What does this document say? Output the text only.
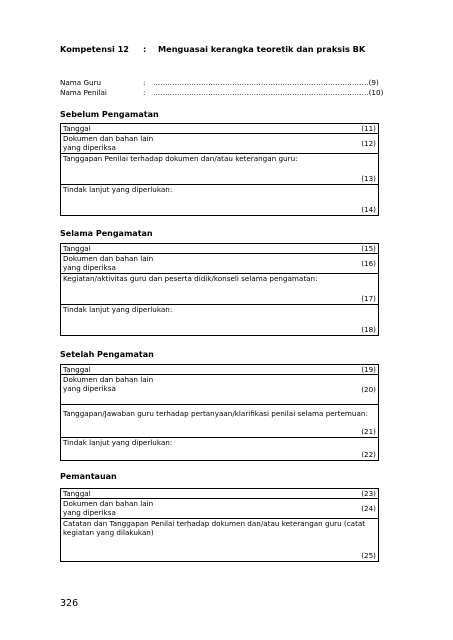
Kompetensi 12 : Menguasai kerangka teoretik dan praksis BK
Nama Guru	: ………………………………………………………………………………(9)
Nama Penilai	: ………………………………………………………………………………(10)
Sebelum Pengamatan
Tanggal	(11)

Dokumen dan bahan lain
yang diperiksa	(12)
Tanggapan Penilai terhadap dokumen dan/atau keterangan guru:
(13)

Tindak lanjut yang diperlukan:
(14)
Selama Pengamatan
Tanggal	(15)

Dokumen dan bahan lain
yang diperiksa	(16)
Kegiatan/aktivitas guru dan peserta didik/konseli selama pengamatan:
(17)

Tindak lanjut yang diperlukan:
(18)
Setelah Pengamatan
Tanggal	(19)

Dokumen dan bahan lain
yang diperiksa	(20)
Tanggapan/Jawaban guru terhadap pertanyaan/klarifikasi penilai selama pertemuan:
(21)

Tindak lanjut yang diperlukan:
(22)
Pemantauan
Tanggal	(23)

Dokumen dan bahan lain
yang diperiksa	(24)
Catatan dan Tanggapan Penilai terhadap dokumen dan/atau keterangan guru (catat kegiatan yang dilakukan)
(25)
326
